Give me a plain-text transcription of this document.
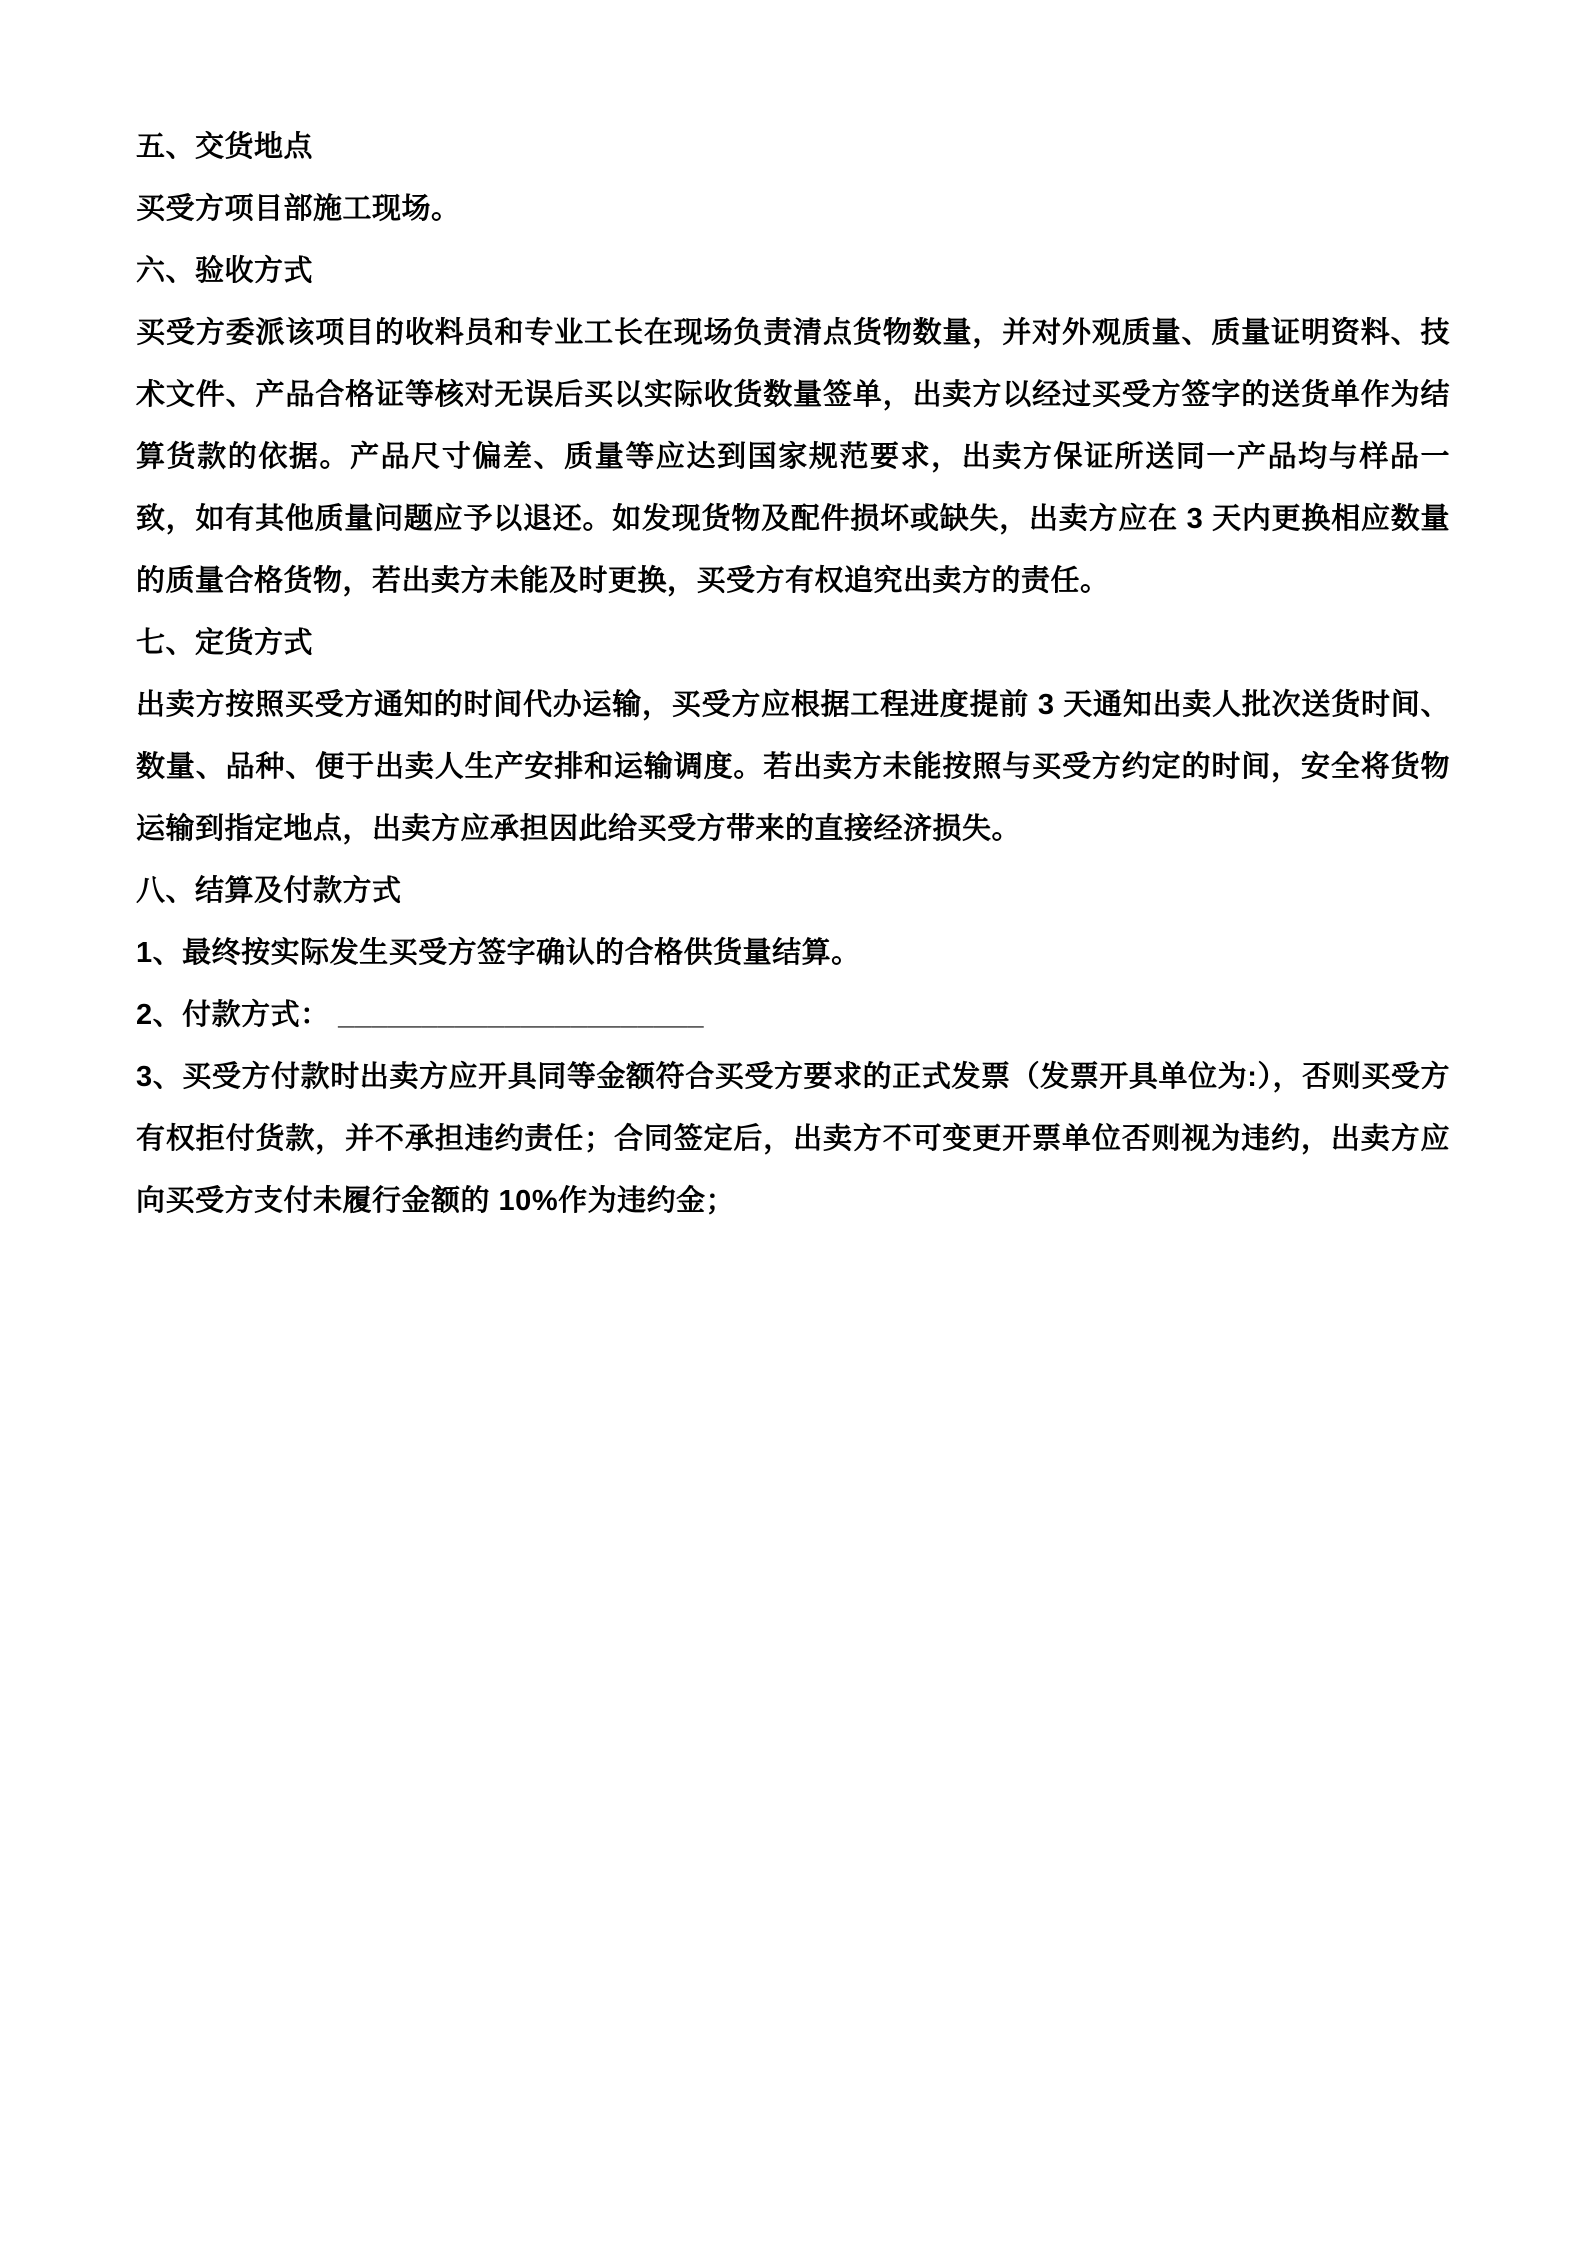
五、交货地点

买受方项目部施工现场。

六、验收方式

买受方委派该项目的收料员和专业工长在现场负责清点货物数量，并对外观质量、质量证明资料、技术文件、产品合格证等核对无误后买以实际收货数量签单，出卖方以经过买受方签字的送货单作为结算货款的依据。产品尺寸偏差、质量等应达到国家规范要求，出卖方保证所送同一产品均与样品一致，如有其他质量问题应予以退还。如发现货物及配件损坏或缺失，出卖方应在 3 天内更换相应数量的质量合格货物，若出卖方未能及时更换，买受方有权追究出卖方的责任。

七、定货方式

出卖方按照买受方通知的时间代办运输，买受方应根据工程进度提前 3 天通知出卖人批次送货时间、数量、品种、便于出卖人生产安排和运输调度。若出卖方未能按照与买受方约定的时间，安全将货物运输到指定地点，出卖方应承担因此给买受方带来的直接经济损失。

八、结算及付款方式

1、最终按实际发生买受方签字确认的合格供货量结算。

2、付款方式： ______________________

3、买受方付款时出卖方应开具同等金额符合买受方要求的正式发票（发票开具单位为:），否则买受方有权拒付货款，并不承担违约责任；合同签定后，出卖方不可变更开票单位否则视为违约，出卖方应向买受方支付未履行金额的 10%作为违约金；
